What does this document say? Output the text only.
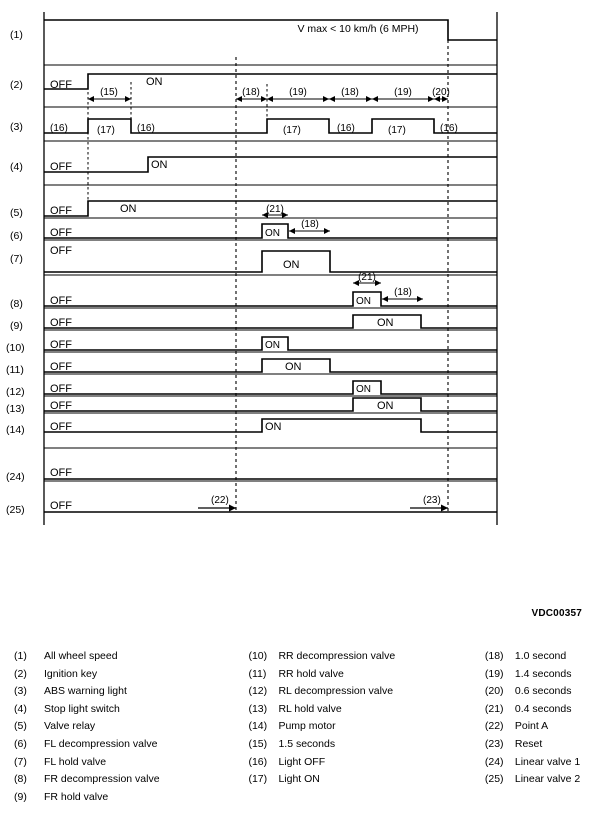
V max < 10 km/h (6 MPH)
OFF	ON
(15)	(18)	(19)	(18)	(19) (20)
(16)	(17) (16)	(17)	(16)	(17)	(16)
OFF	ON
OFF	ON
OFF	ON
(21)
(18)
OFF
ON
OFF	ON
(21)
(18)
OFF	ON
OFF	ON
OFF	ON
OFF	ON
OFF	ON
OFF	ON
OFF
OFF	(22)	(23)
(1)
(2)
(3)
(4)
(5)
(6)
(7)
(8)
(9)
(10)
(11)
(12)
(13)
(14)
(24)
(25)
VDC00357
(1)	All wheel speed
(2)	Ignition key
(3)	ABS warning light
(4)	Stop light switch
(5)	Valve relay
(6)	FL decompression valve
(7)	FL hold valve
(8)	FR decompression valve
(9)	FR hold valve
(10)	RR decompression valve
(11)	RR hold valve
(12)	RL decompression valve
(13)	RL hold valve
(14)	Pump motor
(15)	1.5 seconds
(16)	Light OFF
(17)	Light ON
(18)	1.0 second
(19)	1.4 seconds
(20)	0.6 seconds
(21)	0.4 seconds
(22)	Point A
(23)	Reset
(24)	Linear valve 1
(25)	Linear valve 2
